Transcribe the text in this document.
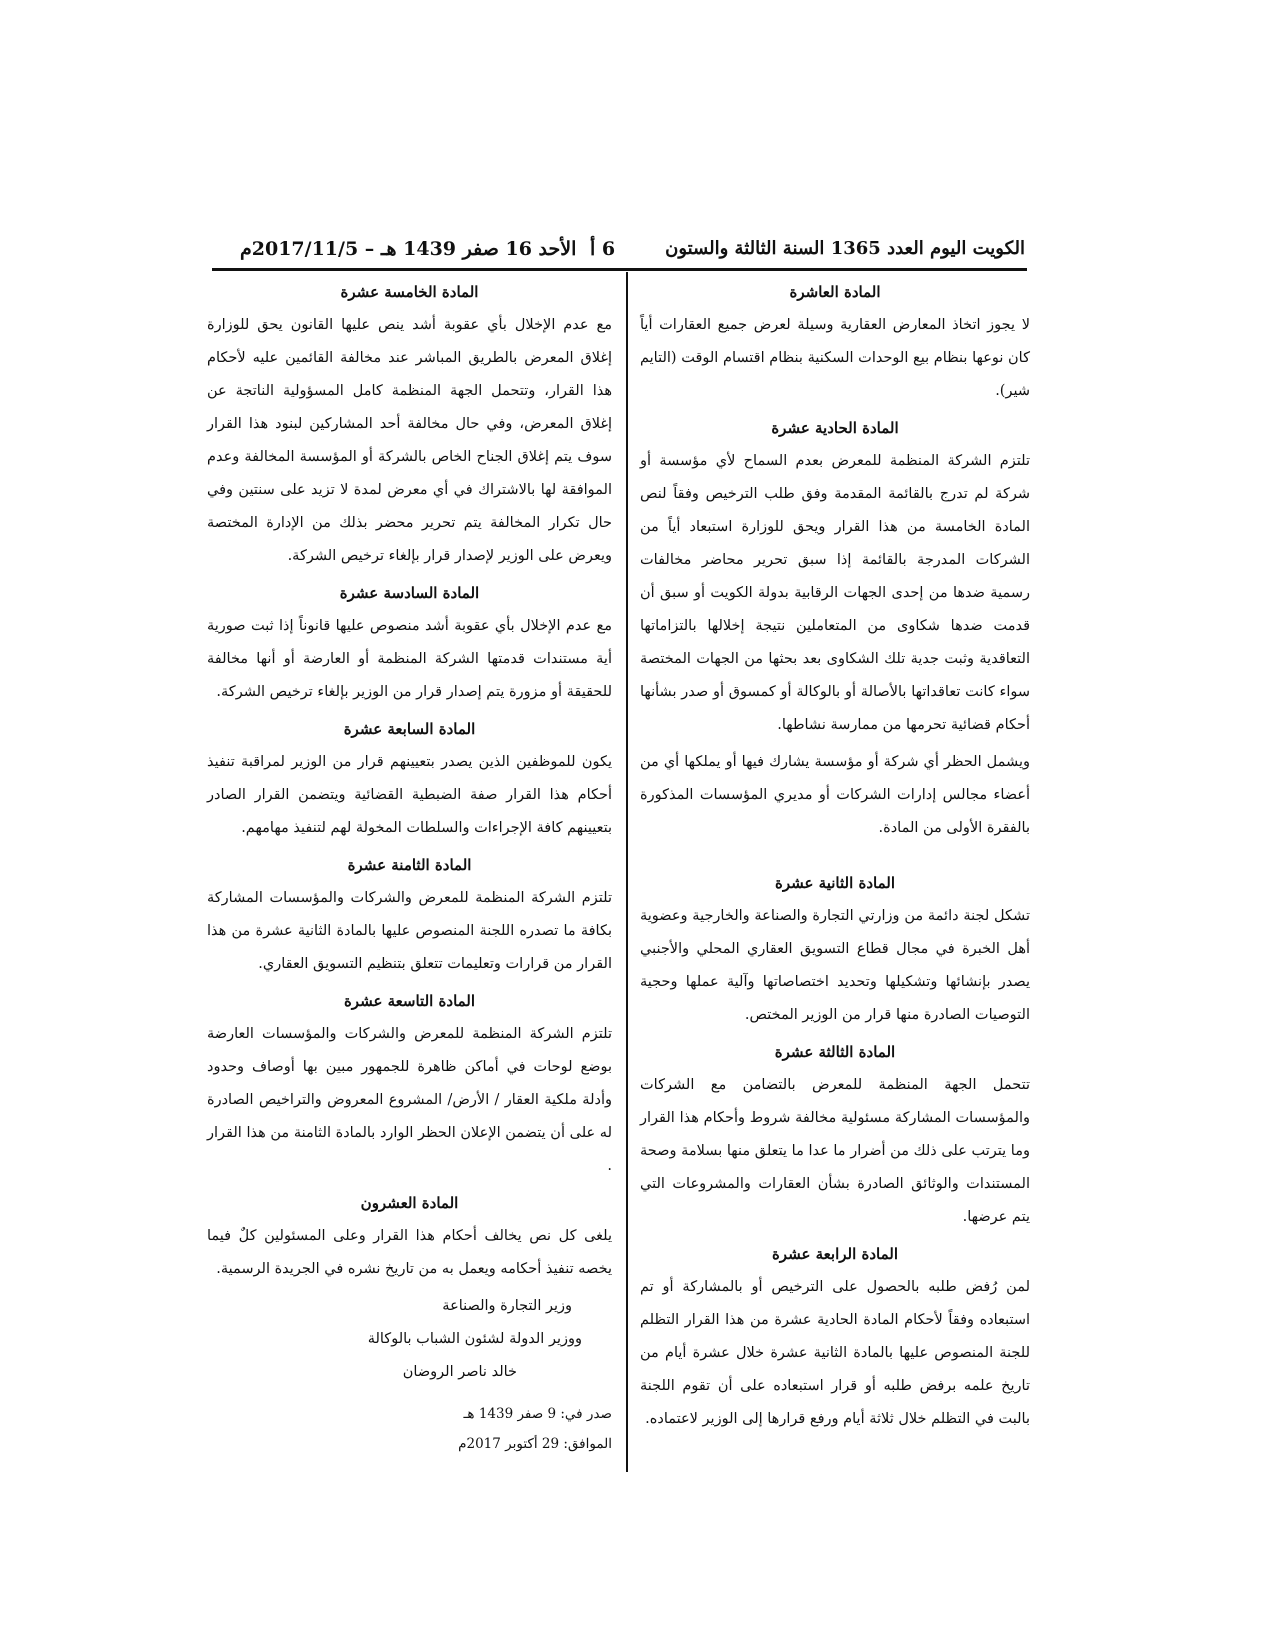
الأحد 16 صفر 1439 هـ – 2017/11/5م 6 أ	الكويت اليوم العدد 1365 السنة الثالثة والستون

المادة العاشرة

لا يجوز اتخاذ المعارض العقارية وسيلة لعرض جميع العقارات أياً كان نوعها بنظام بيع الوحدات السكنية بنظام اقتسام الوقت (التايم شير).

المادة الحادية عشرة

تلتزم الشركة المنظمة للمعرض بعدم السماح لأي مؤسسة أو شركة لم تدرج بالقائمة المقدمة وفق طلب الترخيص وفقاً لنص المادة الخامسة من هذا القرار ويحق للوزارة استبعاد أياً من الشركات المدرجة بالقائمة إذا سبق تحرير محاضر مخالفات رسمية ضدها من إحدى الجهات الرقابية بدولة الكويت أو سبق أن قدمت ضدها شكاوى من المتعاملين نتيجة إخلالها بالتزاماتها التعاقدية وثبت جدية تلك الشكاوى بعد بحثها من الجهات المختصة سواء كانت تعاقداتها بالأصالة أو بالوكالة أو كمسوق أو صدر بشأنها أحكام قضائية تحرمها من ممارسة نشاطها.

ويشمل الحظر أي شركة أو مؤسسة يشارك فيها أو يملكها أي من أعضاء مجالس إدارات الشركات أو مديري المؤسسات المذكورة بالفقرة الأولى من المادة.

المادة الثانية عشرة

تشكل لجنة دائمة من وزارتي التجارة والصناعة والخارجية وعضوية أهل الخبرة في مجال قطاع التسويق العقاري المحلي والأجنبي يصدر بإنشائها وتشكيلها وتحديد اختصاصاتها وآلية عملها وحجية التوصيات الصادرة منها قرار من الوزير المختص.

المادة الثالثة عشرة

تتحمل الجهة المنظمة للمعرض بالتضامن مع الشركات والمؤسسات المشاركة مسئولية مخالفة شروط وأحكام هذا القرار وما يترتب على ذلك من أضرار ما عدا ما يتعلق منها بسلامة وصحة المستندات والوثائق الصادرة بشأن العقارات والمشروعات التي يتم عرضها.

المادة الرابعة عشرة

لمن رُفض طلبه بالحصول على الترخيص أو بالمشاركة أو تم استبعاده وفقاً لأحكام المادة الحادية عشرة من هذا القرار التظلم للجنة المنصوص عليها بالمادة الثانية عشرة خلال عشرة أيام من تاريخ علمه برفض طلبه أو قرار استبعاده على أن تقوم اللجنة بالبت في التظلم خلال ثلاثة أيام ورفع قرارها إلى الوزير لاعتماده.

المادة الخامسة عشرة

مع عدم الإخلال بأي عقوبة أشد ينص عليها القانون يحق للوزارة إغلاق المعرض بالطريق المباشر عند مخالفة القائمين عليه لأحكام هذا القرار، وتتحمل الجهة المنظمة كامل المسؤولية الناتجة عن إغلاق المعرض، وفي حال مخالفة أحد المشاركين لبنود هذا القرار سوف يتم إغلاق الجناح الخاص بالشركة أو المؤسسة المخالفة وعدم الموافقة لها بالاشتراك في أي معرض لمدة لا تزيد على سنتين وفي حال تكرار المخالفة يتم تحرير محضر بذلك من الإدارة المختصة ويعرض على الوزير لإصدار قرار بإلغاء ترخيص الشركة.

المادة السادسة عشرة

مع عدم الإخلال بأي عقوبة أشد منصوص عليها قانوناً إذا ثبت صورية أية مستندات قدمتها الشركة المنظمة أو العارضة أو أنها مخالفة للحقيقة أو مزورة يتم إصدار قرار من الوزير بإلغاء ترخيص الشركة.

المادة السابعة عشرة

يكون للموظفين الذين يصدر بتعيينهم قرار من الوزير لمراقبة تنفيذ أحكام هذا القرار صفة الضبطية القضائية ويتضمن القرار الصادر بتعيينهم كافة الإجراءات والسلطات المخولة لهم لتنفيذ مهامهم.

المادة الثامنة عشرة

تلتزم الشركة المنظمة للمعرض والشركات والمؤسسات المشاركة بكافة ما تصدره اللجنة المنصوص عليها بالمادة الثانية عشرة من هذا القرار من قرارات وتعليمات تتعلق بتنظيم التسويق العقاري.

المادة التاسعة عشرة

تلتزم الشركة المنظمة للمعرض والشركات والمؤسسات العارضة بوضع لوحات في أماكن ظاهرة للجمهور مبين بها أوصاف وحدود وأدلة ملكية العقار / الأرض/ المشروع المعروض والتراخيص الصادرة له على أن يتضمن الإعلان الحظر الوارد بالمادة الثامنة من هذا القرار .

المادة العشرون

يلغى كل نص يخالف أحكام هذا القرار وعلى المسئولين كلٌ فيما يخصه تنفيذ أحكامه ويعمل به من تاريخ نشره في الجريدة الرسمية.

وزير التجارة والصناعة

ووزير الدولة لشئون الشباب بالوكالة

خالد ناصر الروضان

صدر في: 9 صفر 1439 هـ
الموافق: 29 أكتوبر 2017م
